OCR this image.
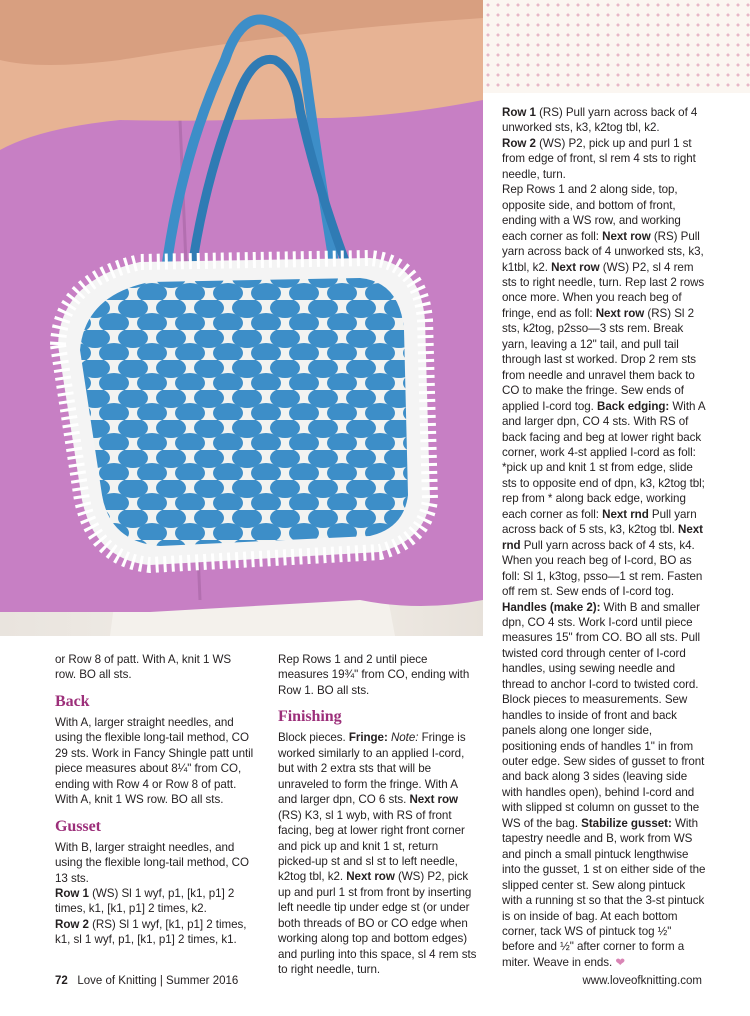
or Row 8 of patt. With A, knit 1 WS row. BO all sts.

Back

With A, larger straight needles, and using the flexible long-tail method, CO 29 sts. Work in Fancy Shingle patt until piece measures about 8¼" from CO, ending with Row 4 or Row 8 of patt. With A, knit 1 WS row. BO all sts.

Gusset

With B, larger straight needles, and using the flexible long-tail method, CO 13 sts.

Row 1 (WS) Sl 1 wyf, p1, [k1, p1] 2 times, k1, [k1, p1] 2 times, k2.

Row 2 (RS) Sl 1 wyf, [k1, p1] 2 times, k1, sl 1 wyf, p1, [k1, p1] 2 times, k1.

Rep Rows 1 and 2 until piece measures 19¾" from CO, ending with Row 1. BO all sts.

Finishing

Block pieces. Fringe: Note: Fringe is worked similarly to an applied I-cord, but with 2 extra sts that will be unraveled to form the fringe. With A and larger dpn, CO 6 sts. Next row (RS) K3, sl 1 wyb, with RS of front facing, beg at lower right front corner and pick up and knit 1 st, return picked-up st and sl st to left needle, k2tog tbl, k2. Next row (WS) P2, pick up and purl 1 st from front by inserting left needle tip under edge st (or under both threads of BO or CO edge when working along top and bottom edges) and purling into this space, sl 4 rem sts to right needle, turn.

Row 1 (RS) Pull yarn across back of 4 unworked sts, k3, k2tog tbl, k2.

Row 2 (WS) P2, pick up and purl 1 st from edge of front, sl rem 4 sts to right needle, turn.

Rep Rows 1 and 2 along side, top, opposite side, and bottom of front, ending with a WS row, and working each corner as foll: Next row (RS) Pull yarn across back of 4 unworked sts, k3, k1tbl, k2. Next row (WS) P2, sl 4 rem sts to right needle, turn. Rep last 2 rows once more. When you reach beg of fringe, end as foll: Next row (RS) Sl 2 sts, k2tog, p2sso—3 sts rem. Break yarn, leaving a 12" tail, and pull tail through last st worked. Drop 2 rem sts from needle and unravel them back to CO to make the fringe. Sew ends of applied I-cord tog. Back edging: With A and larger dpn, CO 4 sts. With RS of back facing and beg at lower right back corner, work 4-st applied I-cord as foll: *pick up and knit 1 st from edge, slide sts to opposite end of dpn, k3, k2tog tbl; rep from * along back edge, working each corner as foll: Next rnd Pull yarn across back of 5 sts, k3, k2tog tbl. Next rnd Pull yarn across back of 4 sts, k4. When you reach beg of I-cord, BO as foll: Sl 1, k3tog, psso—1 st rem. Fasten off rem st. Sew ends of I-cord tog. Handles (make 2): With B and smaller dpn, CO 4 sts. Work I-cord until piece measures 15" from CO. BO all sts. Pull twisted cord through center of I-cord handles, using sewing needle and thread to anchor I-cord to twisted cord. Block pieces to measurements. Sew handles to inside of front and back panels along one longer side, positioning ends of handles 1" in from outer edge. Sew sides of gusset to front and back along 3 sides (leaving side with handles open), behind I-cord and with slipped st column on gusset to the WS of the bag. Stabilize gusset: With tapestry needle and B, work from WS and pinch a small pintuck lengthwise into the gusset, 1 st on either side of the slipped center st. Sew along pintuck with a running st so that the 3-st pintuck is on inside of bag. At each bottom corner, tack WS of pintuck tog ½" before and ½" after corner to form a miter. Weave in ends. ❤

72 Love of Knitting | Summer 2016	www.loveofknitting.com
